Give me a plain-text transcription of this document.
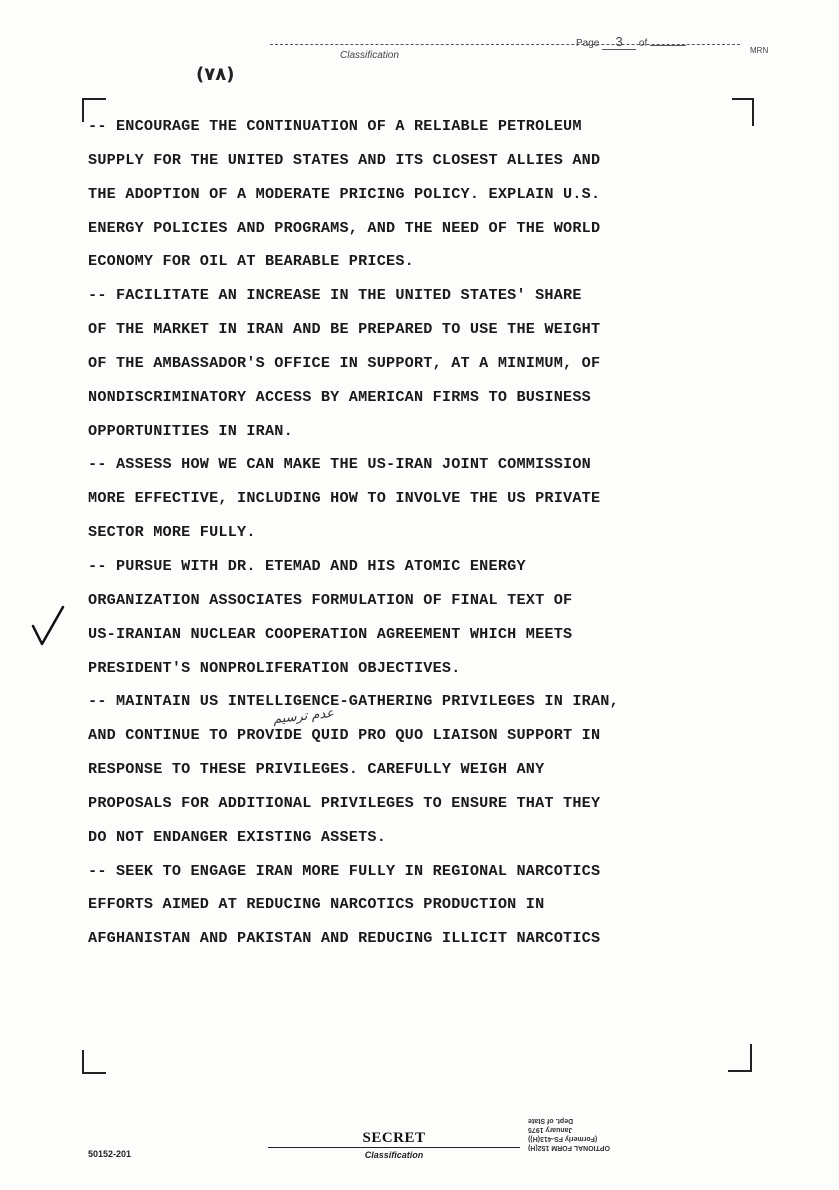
Classification
Page 3 of
MRN
(٧٨)
-- ENCOURAGE THE CONTINUATION OF A RELIABLE PETROLEUM
SUPPLY FOR THE UNITED STATES AND ITS CLOSEST ALLIES AND
THE ADOPTION OF A MODERATE PRICING POLICY. EXPLAIN U.S.
ENERGY POLICIES AND PROGRAMS, AND THE NEED OF THE WORLD
ECONOMY FOR OIL AT BEARABLE PRICES.
-- FACILITATE AN INCREASE IN THE UNITED STATES' SHARE
OF THE MARKET IN IRAN AND BE PREPARED TO USE THE WEIGHT
OF THE AMBASSADOR'S OFFICE IN SUPPORT, AT A MINIMUM, OF
NONDISCRIMINATORY ACCESS BY AMERICAN FIRMS TO BUSINESS
OPPORTUNITIES IN IRAN.
-- ASSESS HOW WE CAN MAKE THE US-IRAN JOINT COMMISSION
MORE EFFECTIVE, INCLUDING HOW TO INVOLVE THE US PRIVATE
SECTOR MORE FULLY.
-- PURSUE WITH DR. ETEMAD AND HIS ATOMIC ENERGY
ORGANIZATION ASSOCIATES FORMULATION OF FINAL TEXT OF
US-IRANIAN NUCLEAR COOPERATION AGREEMENT WHICH MEETS
PRESIDENT'S NONPROLIFERATION OBJECTIVES.
-- MAINTAIN US INTELLIGENCE-GATHERING PRIVILEGES IN IRAN,
AND CONTINUE TO PROVIDE QUID PRO QUO LIAISON SUPPORT IN
RESPONSE TO THESE PRIVILEGES. CAREFULLY WEIGH ANY
PROPOSALS FOR ADDITIONAL PRIVILEGES TO ENSURE THAT THEY
DO NOT ENDANGER EXISTING ASSETS.
-- SEEK TO ENGAGE IRAN MORE FULLY IN REGIONAL NARCOTICS
EFFORTS AIMED AT REDUCING NARCOTICS PRODUCTION IN
AFGHANISTAN AND PAKISTAN AND REDUCING ILLICIT NARCOTICS
عدم ترسيم
50152-201
SECRET
Classification
OPTIONAL FORM 152(H)
(Formerly FS-413(H))
January 1975
Dept. of State
